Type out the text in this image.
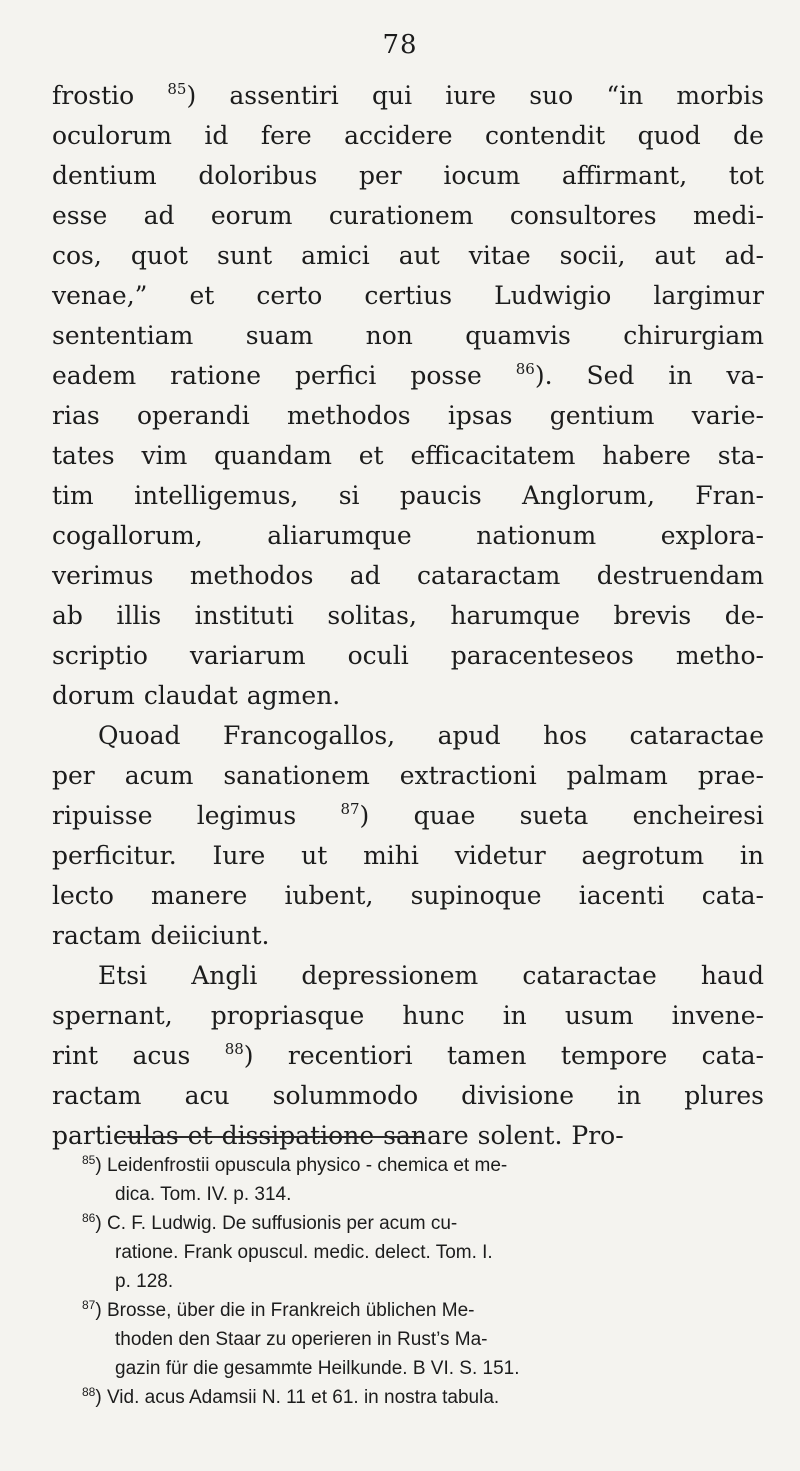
78
frostio $^{85}$) assentiri qui iure suo “in morbis
oculorum id fere accidere contendit quod de
dentium doloribus per iocum affirmant, tot
esse ad eorum curationem consultores medi-
cos, quot sunt amici aut vitae socii, aut ad-
venae,” et certo certius Ludwigio largimur
sententiam suam non quamvis chirurgiam
eadem ratione perfici posse $^{86}$). Sed in va-
rias operandi methodos ipsas gentium varie-
tates vim quandam et efficacitatem habere sta-
tim intelligemus, si paucis Anglorum, Fran-
cogallorum,	aliarumque	nationum	explora-
verimus methodos ad cataractam destruendam
ab illis instituti solitas, harumque brevis de-
scriptio variarum oculi paracenteseos metho-
dorum claudat agmen.
Quoad Francogallos, apud hos cataractae
per acum sanationem extractioni palmam prae-
ripuisse legimus	$^{87}$) quae sueta encheiresi
perficitur. Iure ut mihi videtur aegrotum in
lecto manere iubent, supinoque iacenti cata-
ractam deiiciunt.
Etsi Angli depressionem cataractae haud
spernant, propriasque hunc in usum invene-
rint acus $^{88}$) recentiori tamen tempore cata-
ractam acu solummodo divisione in plures
particulas et dissipatione sanare solent. Pro-
$^{85}$) Leidenfrostii opuscula physico - chemica et me-
dica. Tom. IV. p. 314.
$^{86}$) C. F. Ludwig. De suffusionis per acum cu-
ratione. Frank opuscul. medic. delect. Tom. I.
p. 128.
$^{87}$) Brosse, über die in Frankreich üblichen Me-
thoden den Staar zu operieren in Rust’s Ma-
gazin für die gesammte Heilkunde. B VI. S. 151.
$^{88}$) Vid. acus Adamsii N. 11 et 61. in nostra tabula.
